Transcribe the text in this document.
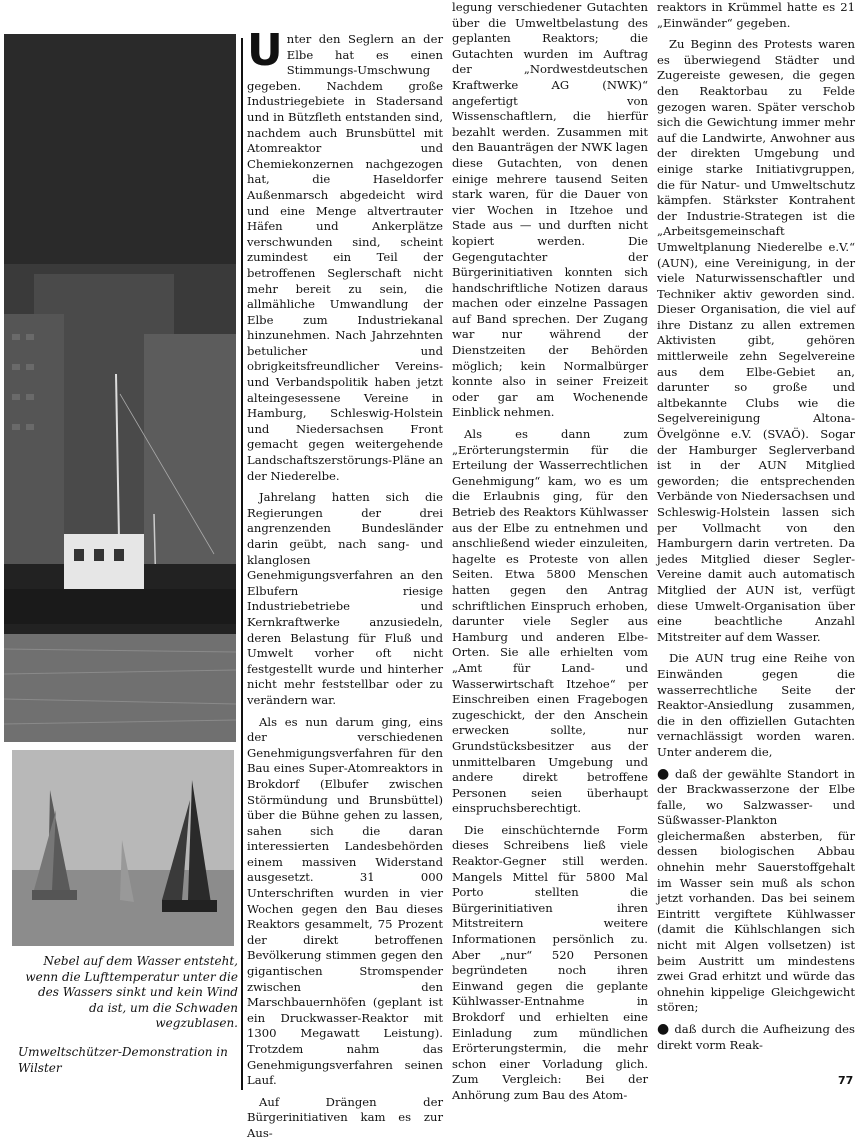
Nebel auf dem Wasser entsteht, wenn die Lufttemperatur unter die des Wassers sinkt und kein Wind da ist, um die Schwaden wegzublasen.
Umweltschützer-Demonstration in Wilster

Unter den Seglern an der Elbe hat es einen Stimmungs-Umschwung gegeben. Nachdem große Industriegebiete in Stadersand und in Bützfleth entstanden sind, nachdem auch Brunsbüttel mit Atomreaktor und Chemiekonzernen nachgezogen hat, die Haseldorfer Außenmarsch abgedeicht wird und eine Menge altvertrauter Häfen und Ankerplätze verschwunden sind, scheint zumindest ein Teil der betroffenen Seglerschaft nicht mehr bereit zu sein, die allmähliche Umwandlung der Elbe zum Industriekanal hinzunehmen. Nach Jahrzehnten betulicher und obrigkeitsfreundlicher Vereins- und Verbandspolitik haben jetzt alteingesessene Vereine in Hamburg, Schleswig-Holstein und Niedersachsen Front gemacht gegen weitergehende Landschaftszerstörungs-Pläne an der Niederelbe.

Jahrelang hatten sich die Regierungen der drei angrenzenden Bundesländer darin geübt, nach sang- und klanglosen Genehmigungsverfahren an den Elbufern riesige Industriebetriebe und Kernkraftwerke anzusiedeln, deren Belastung für Fluß und Umwelt vorher oft nicht festgestellt wurde und hinterher nicht mehr feststellbar oder zu verändern war.

Als es nun darum ging, eins der verschiedenen Genehmigungsverfahren für den Bau eines Super-Atomreaktors in Brokdorf (Elbufer zwischen Störmündung und Brunsbüttel) über die Bühne gehen zu lassen, sahen sich die daran interessierten Landesbehörden einem massiven Widerstand ausgesetzt. 31 000 Unterschriften wurden in vier Wochen gegen den Bau dieses Reaktors gesammelt, 75 Prozent der direkt betroffenen Bevölkerung stimmen gegen den gigantischen Stromspender zwischen den Marschbauernhöfen (geplant ist ein Druckwasser-Reaktor mit 1300 Megawatt Leistung). Trotzdem nahm das Genehmigungsverfahren seinen Lauf.

Auf Drängen der Bürgerinitiativen kam es zur Aus-

legung verschiedener Gutachten über die Umweltbelastung des geplanten Reaktors; die Gutachten wurden im Auftrag der „Nordwestdeutschen Kraftwerke AG (NWK)“ angefertigt von Wissenschaftlern, die hierfür bezahlt werden. Zusammen mit den Bauanträgen der NWK lagen diese Gutachten, von denen einige mehrere tausend Seiten stark waren, für die Dauer von vier Wochen in Itzehoe und Stade aus — und durften nicht kopiert werden. Die Gegengutachter der Bürgerinitiativen konnten sich handschriftliche Notizen daraus machen oder einzelne Passagen auf Band sprechen. Der Zugang war nur während der Dienstzeiten der Behörden möglich; kein Normalbürger konnte also in seiner Freizeit oder gar am Wochenende Einblick nehmen.

Als es dann zum „Erörterungstermin für die Erteilung der Wasserrechtlichen Genehmigung“ kam, wo es um die Erlaubnis ging, für den Betrieb des Reaktors Kühlwasser aus der Elbe zu entnehmen und anschließend wieder einzuleiten, hagelte es Proteste von allen Seiten. Etwa 5800 Menschen hatten gegen den Antrag schriftlichen Einspruch erhoben, darunter viele Segler aus Hamburg und anderen Elbe-Orten. Sie alle erhielten vom „Amt für Land- und Wasserwirtschaft Itzehoe“ per Einschreiben einen Fragebogen zugeschickt, der den Anschein erwecken sollte, nur Grundstücksbesitzer aus der unmittelbaren Umgebung und andere direkt betroffene Personen seien überhaupt einspruchsberechtigt.

Die einschüchternde Form dieses Schreibens ließ viele Reaktor-Gegner still werden. Mangels Mittel für 5800 Mal Porto stellten die Bürgerinitiativen ihren Mitstreitern weitere Informationen persönlich zu. Aber „nur“ 520 Personen begründeten noch ihren Einwand gegen die geplante Kühlwasser-Entnahme in Brokdorf und erhielten eine Einladung zum mündlichen Erörterungstermin, die mehr schon einer Vorladung glich. Zum Vergleich: Bei der Anhörung zum Bau des Atom-

reaktors in Krümmel hatte es 21 „Einwänder“ gegeben.

Zu Beginn des Protests waren es überwiegend Städter und Zugereiste gewesen, die gegen den Reaktorbau zu Felde gezogen waren. Später verschob sich die Gewichtung immer mehr auf die Landwirte, Anwohner aus der direkten Umgebung und einige starke Initiativgruppen, die für Natur- und Umweltschutz kämpfen. Stärkster Kontrahent der Industrie-Strategen ist die „Arbeitsgemeinschaft Umweltplanung Niederelbe e.V.“ (AUN), eine Vereinigung, in der viele Naturwissenschaftler und Techniker aktiv geworden sind. Dieser Organisation, die viel auf ihre Distanz zu allen extremen Aktivisten gibt, gehören mittlerweile zehn Segelvereine aus dem Elbe-Gebiet an, darunter so große und altbekannte Clubs wie die Segelvereinigung Altona-Övelgönne e.V. (SVAÖ). Sogar der Hamburger Seglerverband ist in der AUN Mitglied geworden; die entsprechenden Verbände von Niedersachsen und Schleswig-Holstein lassen sich per Vollmacht von den Hamburgern darin vertreten. Da jedes Mitglied dieser Segler-Vereine damit auch automatisch Mitglied der AUN ist, verfügt diese Umwelt-Organisation über eine beachtliche Anzahl Mitstreiter auf dem Wasser.

Die AUN trug eine Reihe von Einwänden gegen die wasserrechtliche Seite der Reaktor-Ansiedlung zusammen, die in den offiziellen Gutachten vernachlässigt worden waren. Unter anderem die,

● daß der gewählte Standort in der Brackwasserzone der Elbe falle, wo Salzwasser- und Süßwasser-Plankton gleichermaßen absterben, für dessen biologischen Abbau ohnehin mehr Sauerstoffgehalt im Wasser sein muß als schon jetzt vorhanden. Das bei seinem Eintritt vergiftete Kühlwasser (damit die Kühlschlangen sich nicht mit Algen vollsetzen) ist beim Austritt um mindestens zwei Grad erhitzt und würde das ohnehin kippelige Gleichgewicht stören;

● daß durch die Aufheizung des direkt vorm Reak-

77
